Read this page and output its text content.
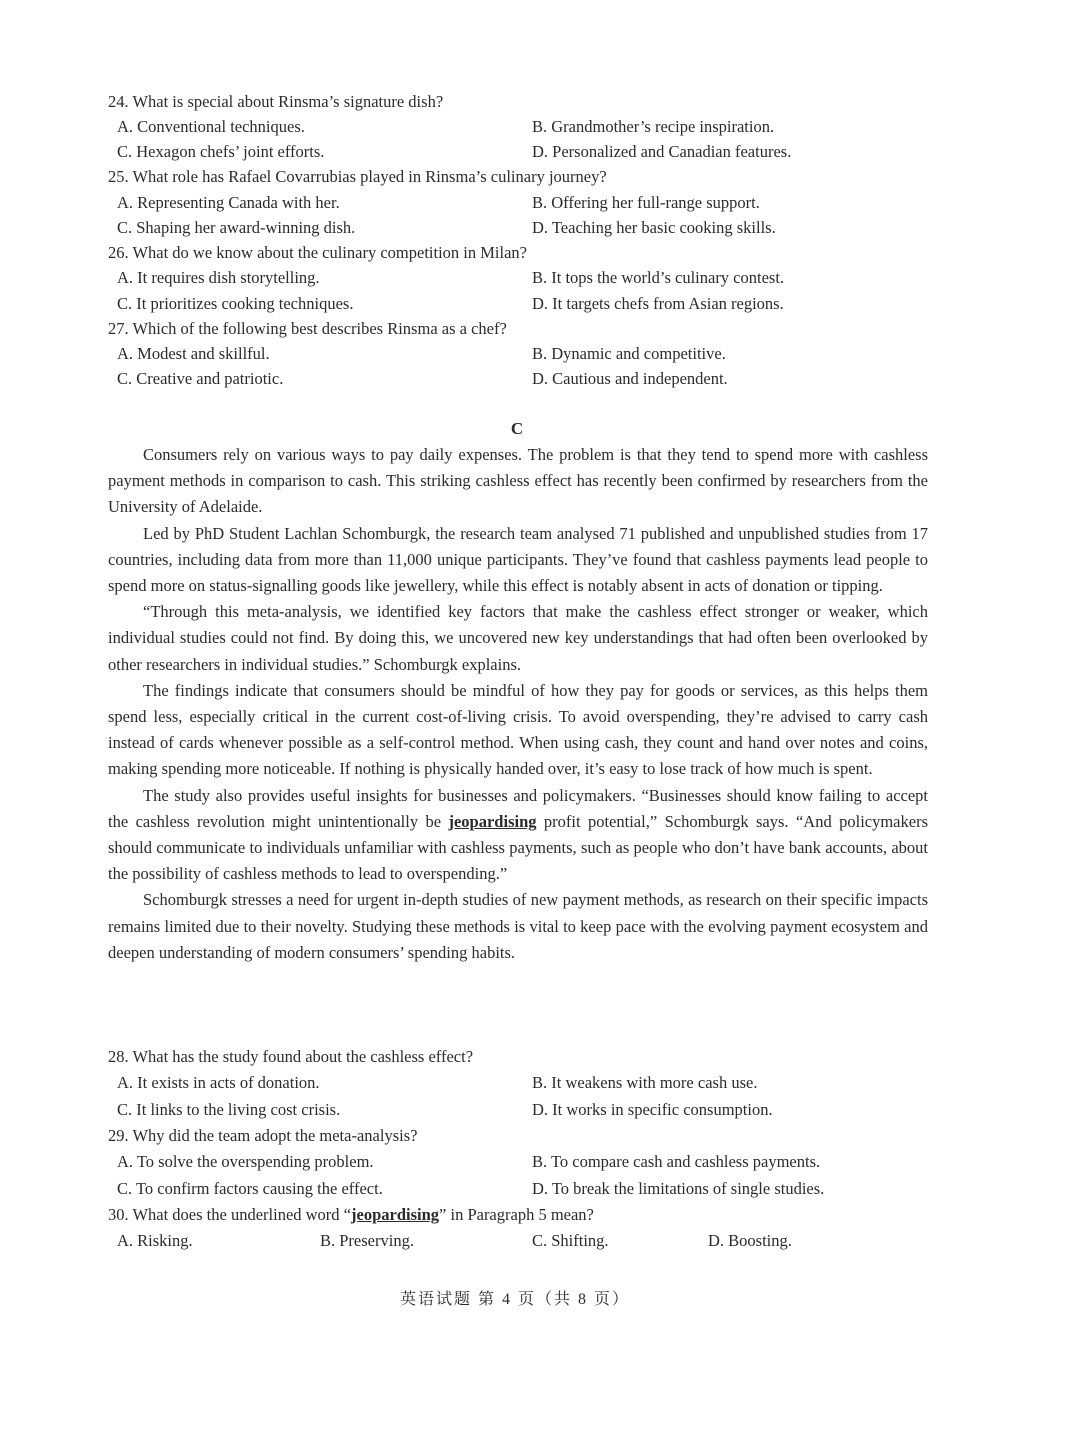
24. What is special about Rinsma’s signature dish?
A. Conventional techniques.	B. Grandmother’s recipe inspiration.
C. Hexagon chefs’ joint efforts.	D. Personalized and Canadian features.
25. What role has Rafael Covarrubias played in Rinsma’s culinary journey?
A. Representing Canada with her.	B. Offering her full-range support.
C. Shaping her award-winning dish.	D. Teaching her basic cooking skills.
26. What do we know about the culinary competition in Milan?
A. It requires dish storytelling.	B. It tops the world’s culinary contest.
C. It prioritizes cooking techniques.	D. It targets chefs from Asian regions.
27. Which of the following best describes Rinsma as a chef?
A. Modest and skillful.	B. Dynamic and competitive.
C. Creative and patriotic.	D. Cautious and independent.
C

Consumers rely on various ways to pay daily expenses. The problem is that they tend to spend more with cashless payment methods in comparison to cash. This striking cashless effect has recently been confirmed by researchers from the University of Adelaide.

Led by PhD Student Lachlan Schomburgk, the research team analysed 71 published and unpublished studies from 17 countries, including data from more than 11,000 unique participants. They’ve found that cashless payments lead people to spend more on status-signalling goods like jewellery, while this effect is notably absent in acts of donation or tipping.

“Through this meta-analysis, we identified key factors that make the cashless effect stronger or weaker, which individual studies could not find. By doing this, we uncovered new key understandings that had often been overlooked by other researchers in individual studies.” Schomburgk explains.

The findings indicate that consumers should be mindful of how they pay for goods or services, as this helps them spend less, especially critical in the current cost-of-living crisis. To avoid overspending, they’re advised to carry cash instead of cards whenever possible as a self-control method. When using cash, they count and hand over notes and coins, making spending more noticeable. If nothing is physically handed over, it’s easy to lose track of how much is spent.

The study also provides useful insights for businesses and policymakers. “Businesses should know failing to accept the cashless revolution might unintentionally be jeopardising profit potential,” Schomburgk says. “And policymakers should communicate to individuals unfamiliar with cashless payments, such as people who don’t have bank accounts, about the possibility of cashless methods to lead to overspending.”

Schomburgk stresses a need for urgent in-depth studies of new payment methods, as research on their specific impacts remains limited due to their novelty. Studying these methods is vital to keep pace with the evolving payment ecosystem and deepen understanding of modern consumers’ spending habits.

28. What has the study found about the cashless effect?
A. It exists in acts of donation.	B. It weakens with more cash use.
C. It links to the living cost crisis.	D. It works in specific consumption.
29. Why did the team adopt the meta-analysis?
A. To solve the overspending problem.	B. To compare cash and cashless payments.
C. To confirm factors causing the effect.	D. To break the limitations of single studies.
30. What does the underlined word “jeopardising” in Paragraph 5 mean?
A. Risking.	B. Preserving.	C. Shifting.	D. Boosting.
英语试题 第 4 页（共 8 页）
